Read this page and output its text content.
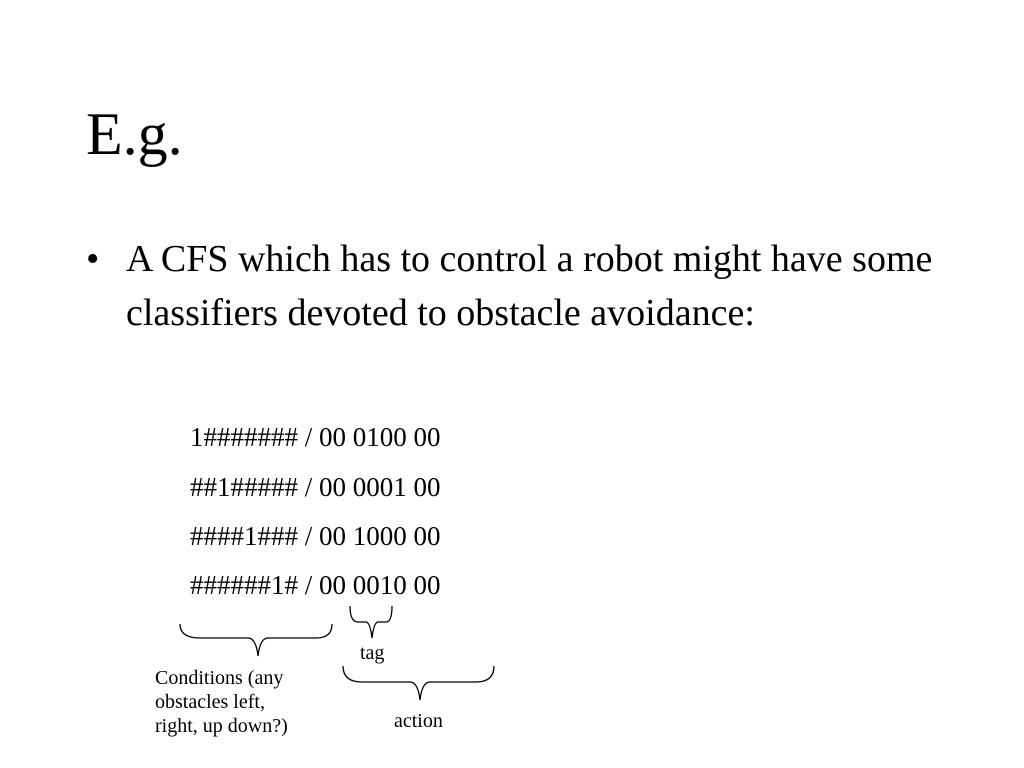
E.g.
• A CFS which has to control a robot might have some classifiers devoted to obstacle avoidance:

1####### / 00 0100 00
##1##### / 00 0001 00
####1### / 00 1000 00
######1# / 00 0010 00
Conditions (any
obstacles left,
right, up down?)
tag
action
